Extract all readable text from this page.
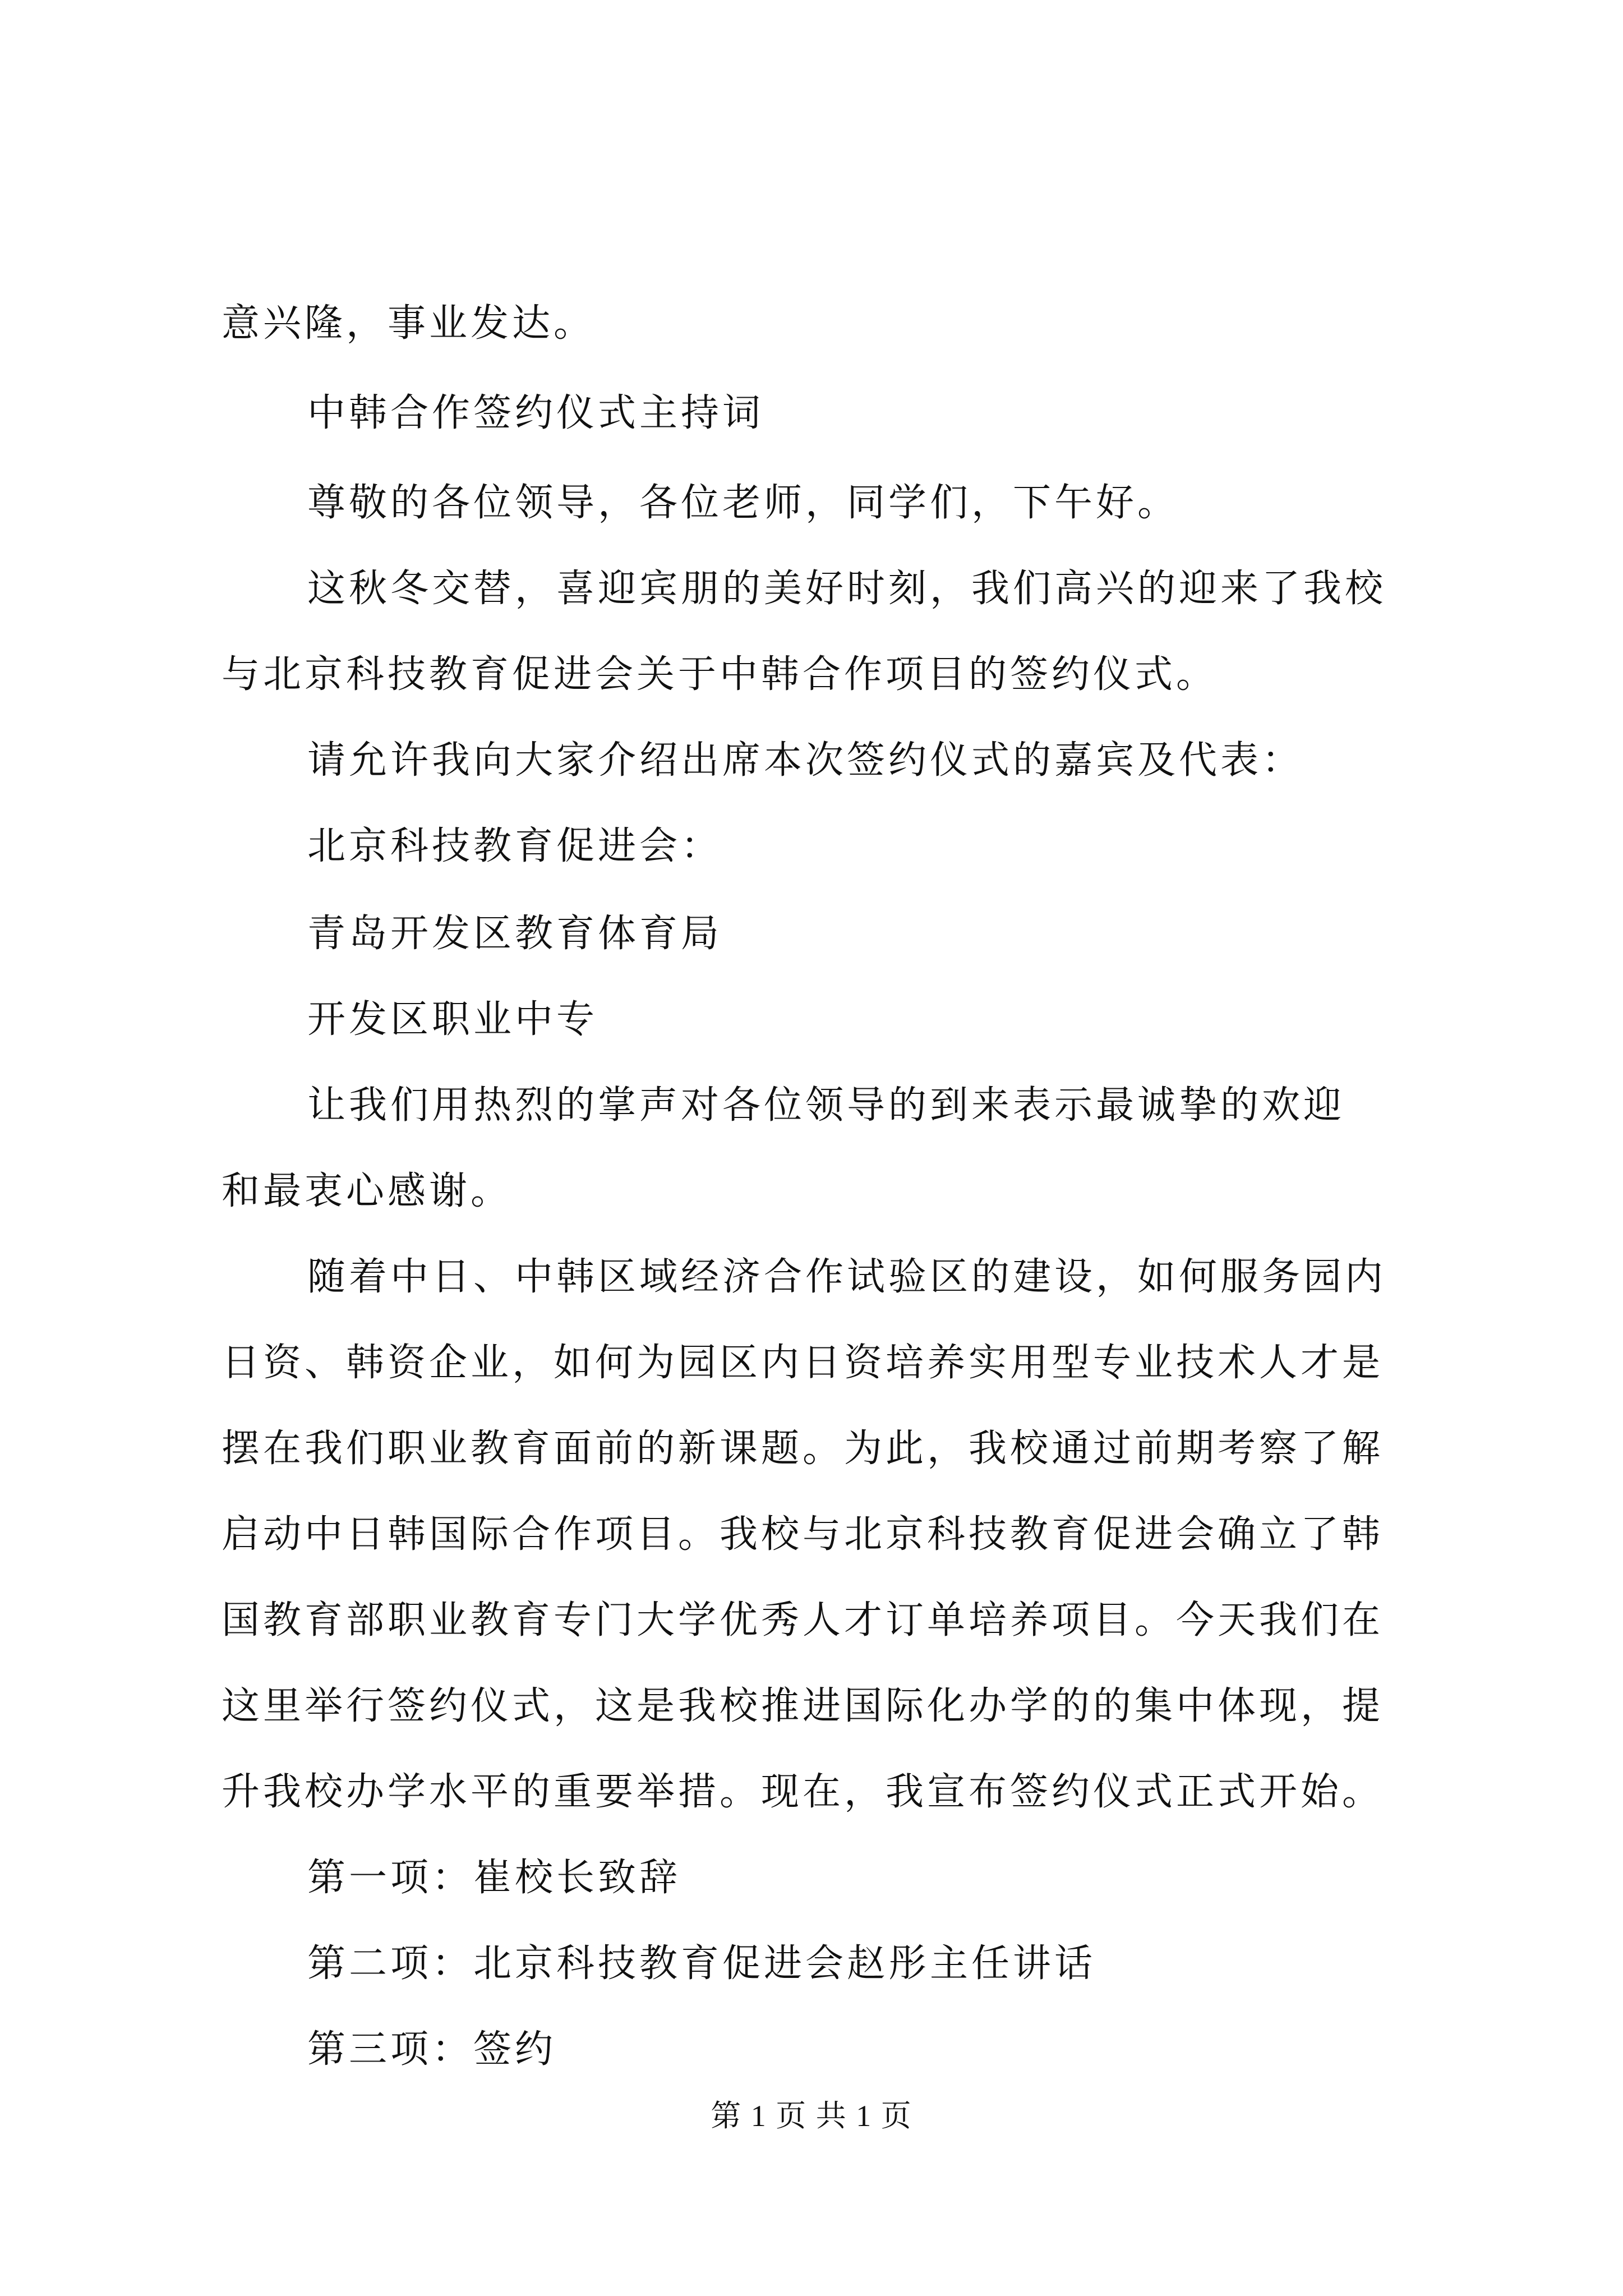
意兴隆，事业发达。
中韩合作签约仪式主持词
尊敬的各位领导，各位老师，同学们，下午好。
这秋冬交替，喜迎宾朋的美好时刻，我们高兴的迎来了我校
与北京科技教育促进会关于中韩合作项目的签约仪式。
请允许我向大家介绍出席本次签约仪式的嘉宾及代表：
北京科技教育促进会：
青岛开发区教育体育局
开发区职业中专
让我们用热烈的掌声对各位领导的到来表示最诚挚的欢迎
和最衷心感谢。
随着中日、中韩区域经济合作试验区的建设，如何服务园内
日资、韩资企业，如何为园区内日资培养实用型专业技术人才是
摆在我们职业教育面前的新课题。为此，我校通过前期考察了解
启动中日韩国际合作项目。我校与北京科技教育促进会确立了韩
国教育部职业教育专门大学优秀人才订单培养项目。今天我们在
这里举行签约仪式，这是我校推进国际化办学的的集中体现，提
升我校办学水平的重要举措。现在，我宣布签约仪式正式开始。
第一项：崔校长致辞
第二项：北京科技教育促进会赵彤主任讲话
第三项：签约
第 1 页 共 1 页
